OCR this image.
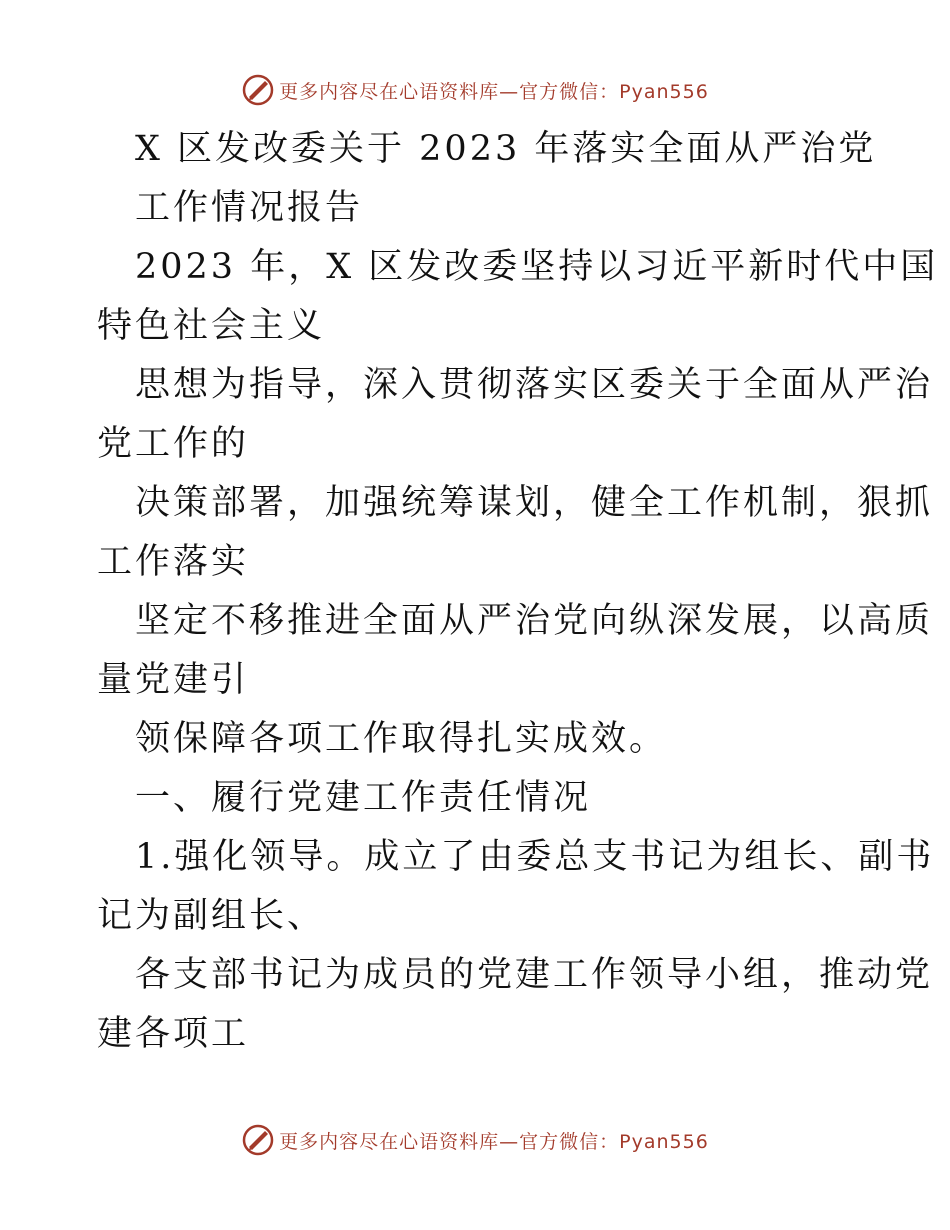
更多内容尽在心语资料库—官方微信：Pyan556
X 区发改委关于 2023 年落实全面从严治党
工作情况报告
2023 年，X 区发改委坚持以习近平新时代中国
特色社会主义
思想为指导，深入贯彻落实区委关于全面从严治
党工作的
决策部署，加强统筹谋划，健全工作机制，狠抓
工作落实
坚定不移推进全面从严治党向纵深发展，以高质
量党建引
领保障各项工作取得扎实成效。
一、履行党建工作责任情况
1.强化领导。成立了由委总支书记为组长、副书
记为副组长、
各支部书记为成员的党建工作领导小组，推动党
建各项工
更多内容尽在心语资料库—官方微信：Pyan556
